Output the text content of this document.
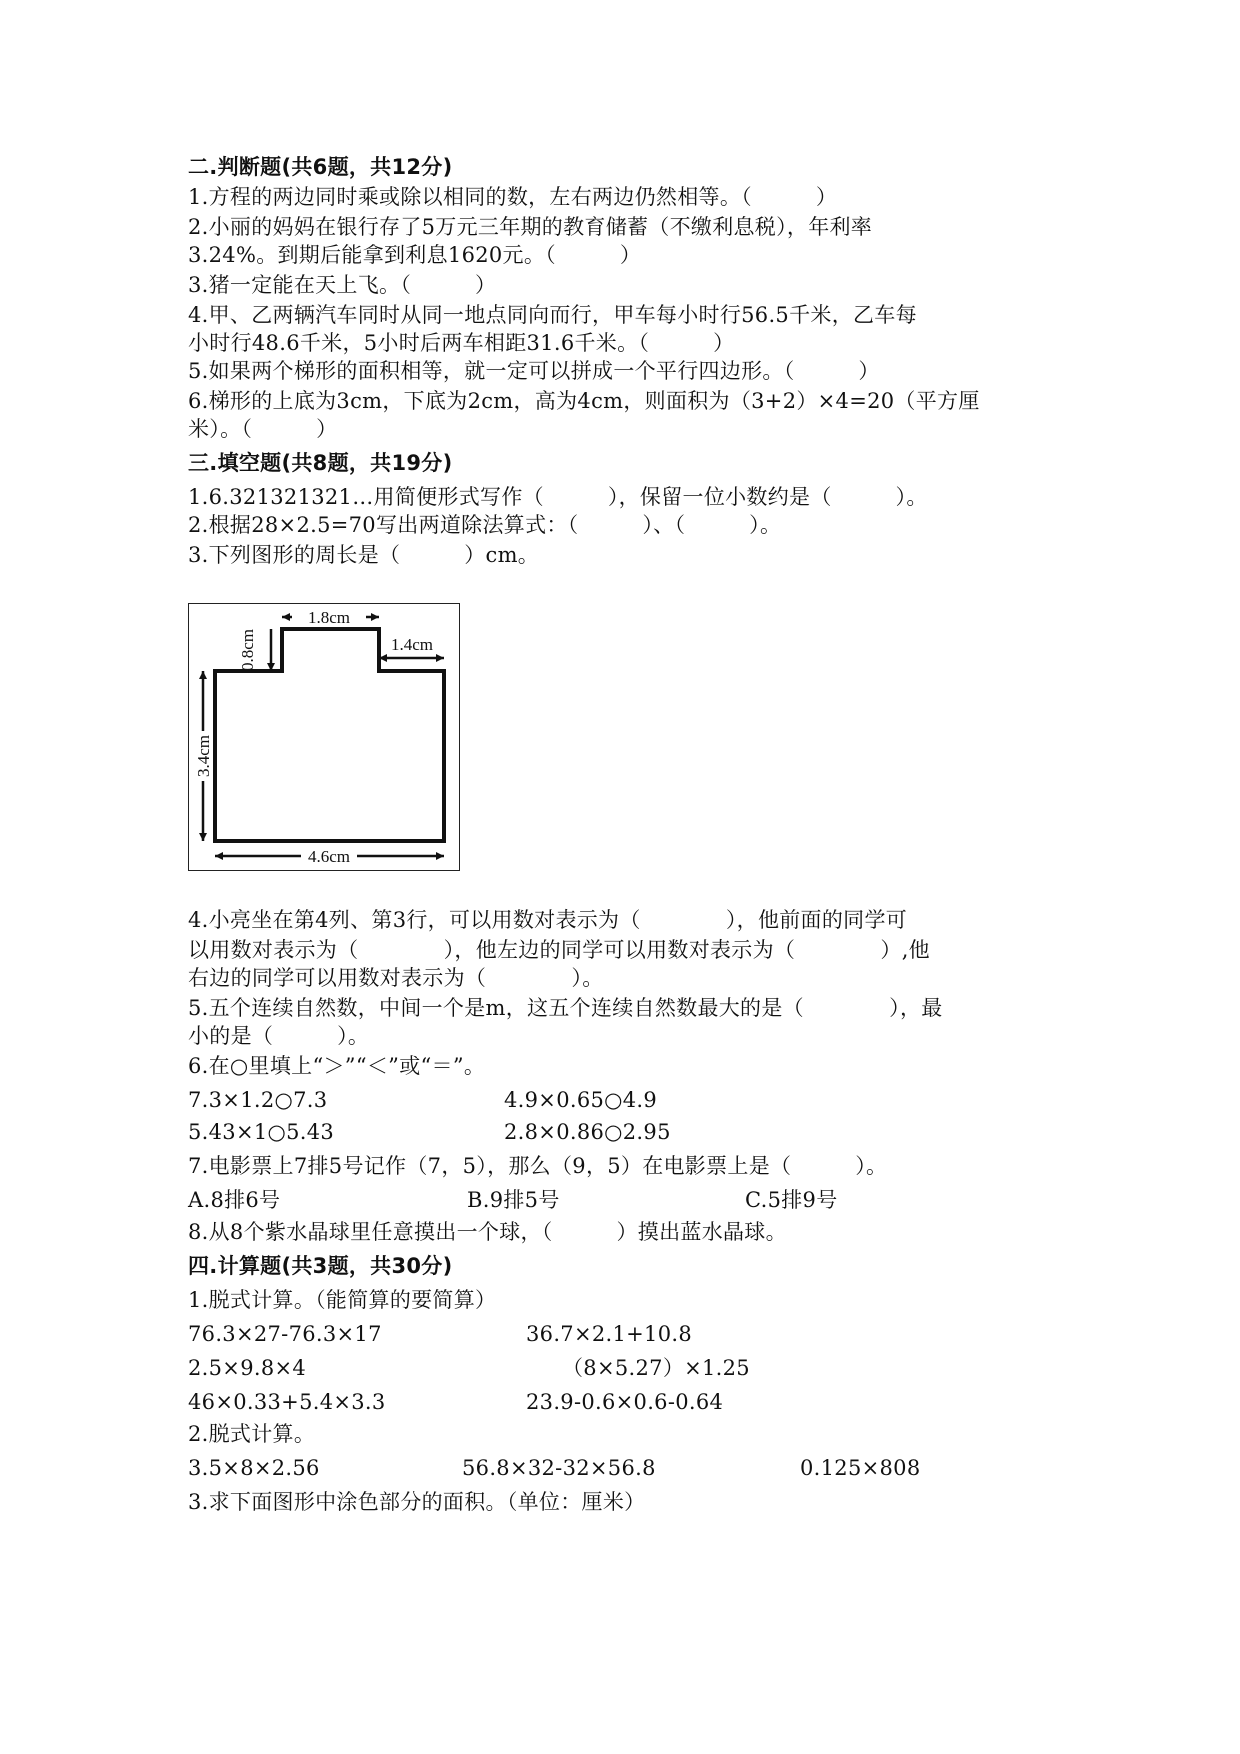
二.判断题(共6题，共12分)
1.方程的两边同时乘或除以相同的数，左右两边仍然相等。（　　　）
2.小丽的妈妈在银行存了5万元三年期的教育储蓄（不缴利息税），年利率
3.24%。到期后能拿到利息1620元。（　　　）
3.猪一定能在天上飞。（　　　）
4.甲、乙两辆汽车同时从同一地点同向而行，甲车每小时行56.5千米，乙车每
小时行48.6千米，5小时后两车相距31.6千米。（　　　）
5.如果两个梯形的面积相等，就一定可以拼成一个平行四边形。（　　　）
6.梯形的上底为3cm，下底为2cm，高为4cm，则面积为（3+2）×4=20（平方厘
米）。（　　　）
三.填空题(共8题，共19分)
1.6.321321321…用简便形式写作（　　　），保留一位小数约是（　　　）。
2.根据28×2.5=70写出两道除法算式：（　　　）、（　　　）。
3.下列图形的周长是（　　　）cm。
1.8cm
0.8cm	1.4cm
3.4cm
4.6cm
4.小亮坐在第4列、第3行，可以用数对表示为（　　　　），他前面的同学可
以用数对表示为（　　　　），他左边的同学可以用数对表示为（　　　　）,他
右边的同学可以用数对表示为（　　　　）。
5.五个连续自然数，中间一个是m，这五个连续自然数最大的是（　　　　），最
小的是（　　　）。
6.在○里填上“＞”“＜”或“＝”。
7.3×1.2○7.3	4.9×0.65○4.9
5.43×1○5.43	2.8×0.86○2.95
7.电影票上7排5号记作（7，5），那么（9，5）在电影票上是（　　　）。
A.8排6号	B.9排5号	C.5排9号
8.从8个紫水晶球里任意摸出一个球，（　　　）摸出蓝水晶球。
四.计算题(共3题，共30分)
1.脱式计算。（能简算的要简算）
76.3×27-76.3×17	36.7×2.1+10.8
2.5×9.8×4	（8×5.27）×1.25
46×0.33+5.4×3.3	23.9-0.6×0.6-0.64
2.脱式计算。
3.5×8×2.56	56.8×32-32×56.8	0.125×808
3.求下面图形中涂色部分的面积。（单位：厘米）
